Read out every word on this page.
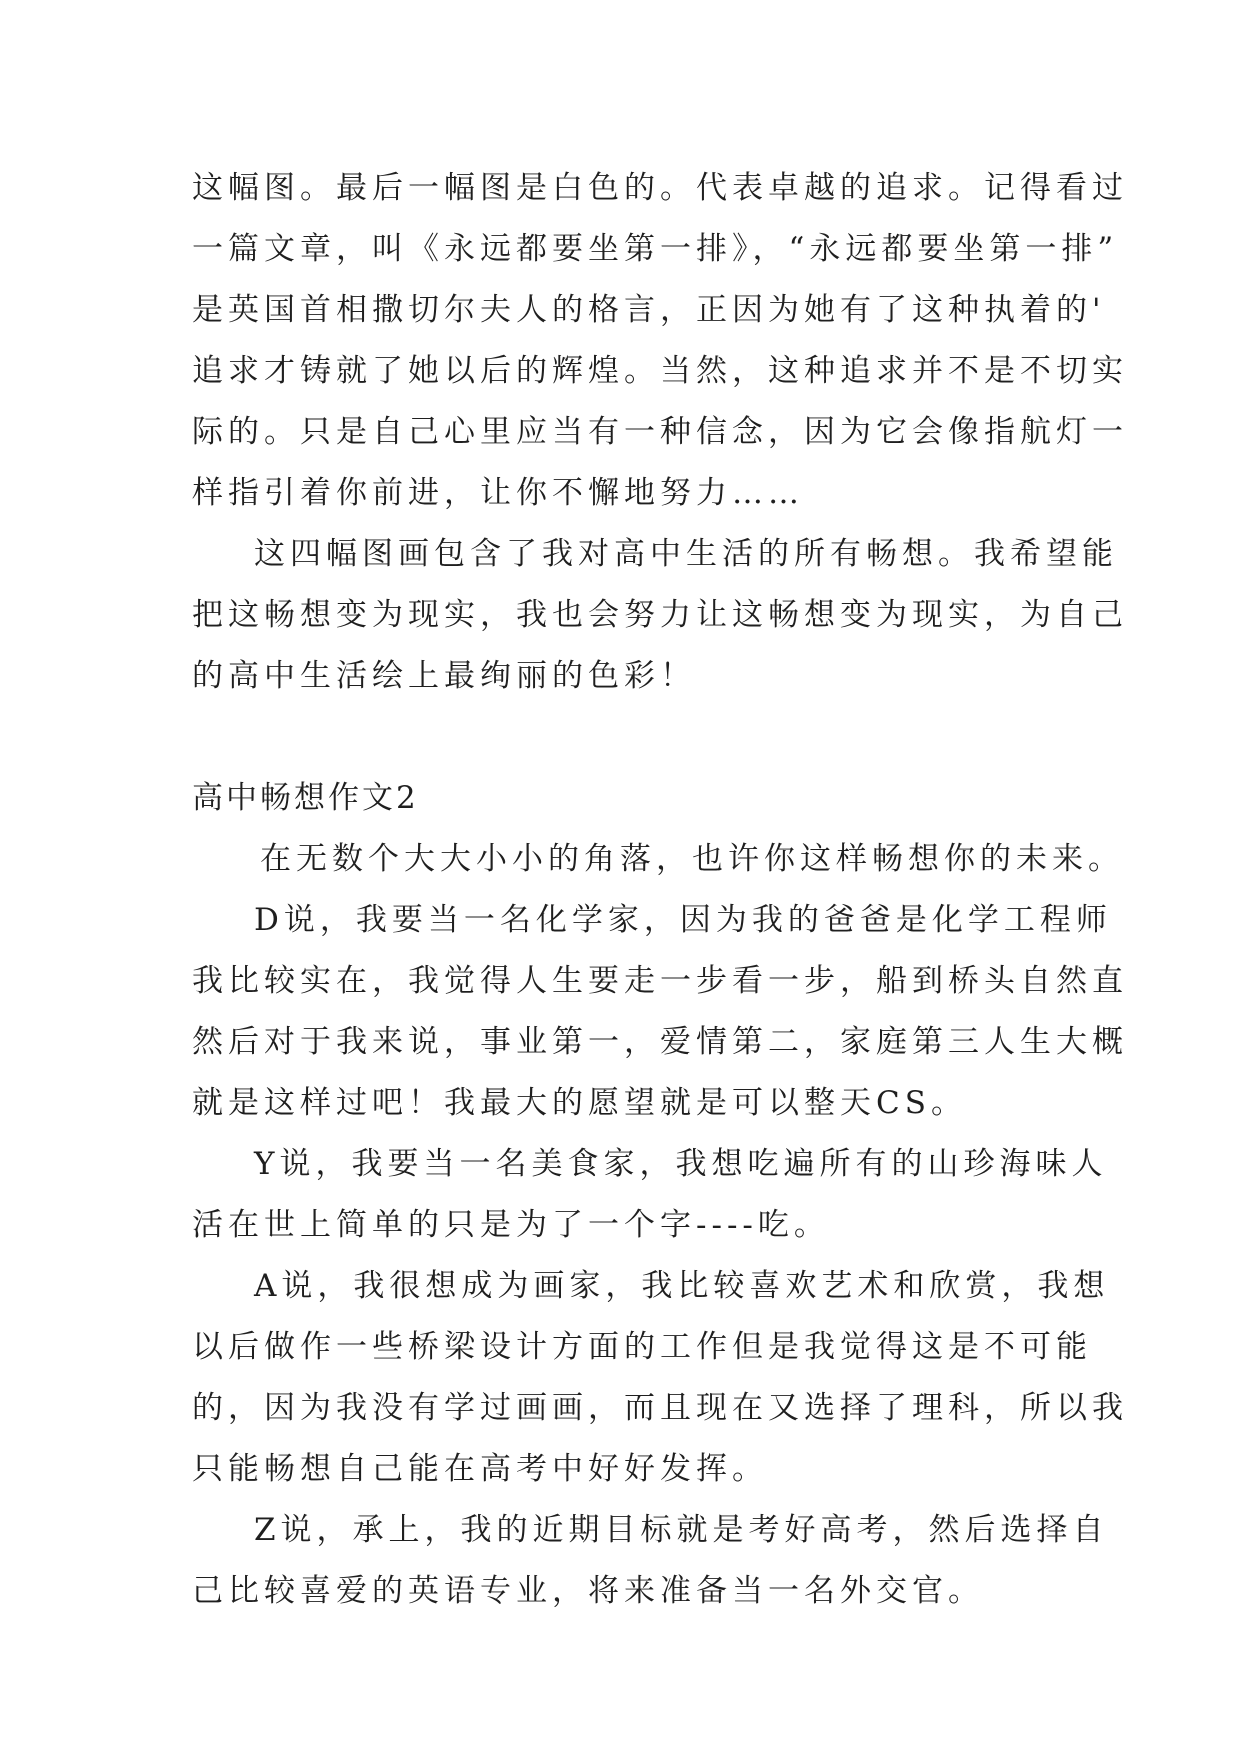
这幅图。最后一幅图是白色的。代表卓越的追求。记得看过
一篇文章，叫《永远都要坐第一排》，“永远都要坐第一排”
是英国首相撒切尔夫人的格言，正因为她有了这种执着的'
追求才铸就了她以后的辉煌。当然，这种追求并不是不切实
际的。只是自己心里应当有一种信念，因为它会像指航灯一
样指引着你前进，让你不懈地努力……
这四幅图画包含了我对高中生活的所有畅想。我希望能
把这畅想变为现实，我也会努力让这畅想变为现实，为自己
的高中生活绘上最绚丽的色彩！
高中畅想作文2
在无数个大大小小的角落，也许你这样畅想你的未来。
D说，我要当一名化学家，因为我的爸爸是化学工程师
我比较实在，我觉得人生要走一步看一步，船到桥头自然直
然后对于我来说，事业第一，爱情第二，家庭第三人生大概
就是这样过吧！我最大的愿望就是可以整天CS。
Y说，我要当一名美食家，我想吃遍所有的山珍海味人
活在世上简单的只是为了一个字----吃。
A说，我很想成为画家，我比较喜欢艺术和欣赏，我想
以后做作一些桥梁设计方面的工作但是我觉得这是不可能
的，因为我没有学过画画，而且现在又选择了理科，所以我
只能畅想自己能在高考中好好发挥。
Z说，承上，我的近期目标就是考好高考，然后选择自
己比较喜爱的英语专业，将来准备当一名外交官。
